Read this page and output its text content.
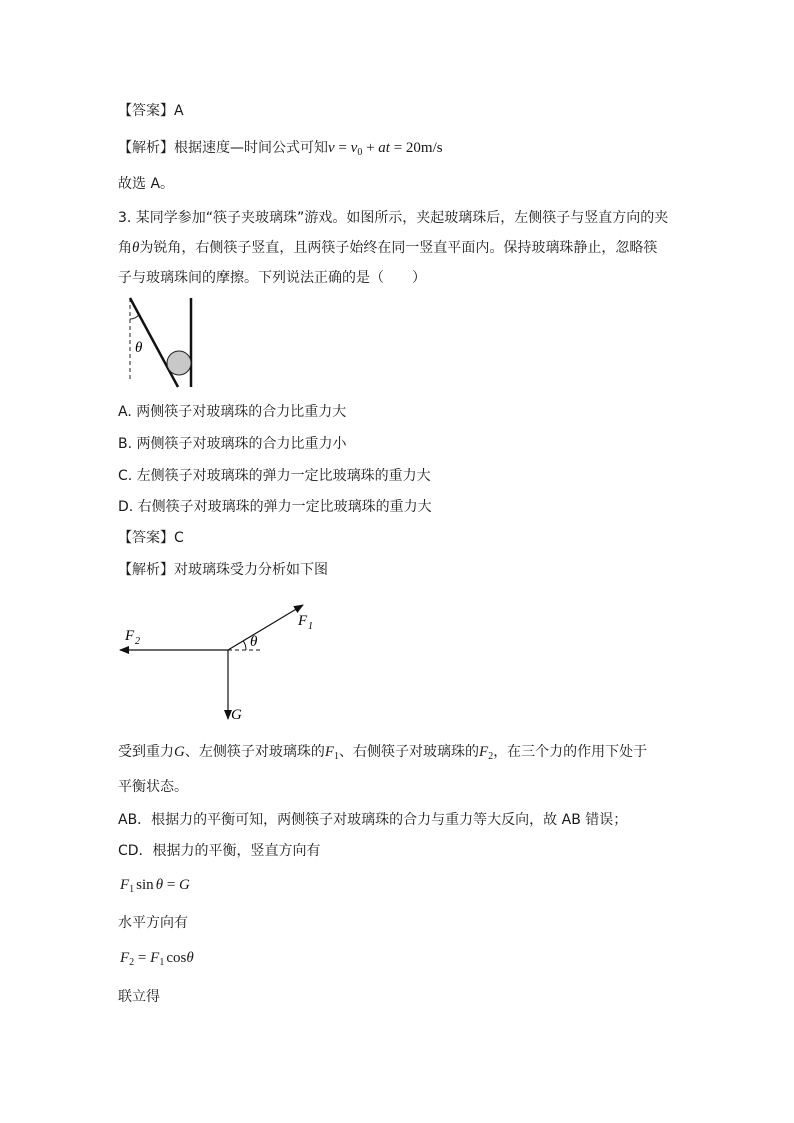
【答案】A
【解析】根据速度—时间公式可知$v = v_0$ + at = 20m/s
故选 A。
3. 某同学参加“筷子夹玻璃珠”游戏。如图所示，夹起玻璃珠后，左侧筷子与竖直方向的夹
角θ为锐角，右侧筷子竖直，且两筷子始终在同一竖直平面内。保持玻璃珠静止，忽略筷
子与玻璃珠间的摩擦。下列说法正确的是（　　）
θ
A. 两侧筷子对玻璃珠的合力比重力大
B. 两侧筷子对玻璃珠的合力比重力小
C. 左侧筷子对玻璃珠的弹力一定比玻璃珠的重力大
D. 右侧筷子对玻璃珠的弹力一定比玻璃珠的重力大
【答案】C
【解析】对玻璃珠受力分析如下图
θ
F 1
F 2
G
受到重力G、左侧筷子对玻璃珠的$F_1$、右侧筷子对玻璃珠的$F_2$，在三个力的作用下处于
平衡状态。
AB．根据力的平衡可知，两侧筷子对玻璃珠的合力与重力等大反向，故 AB 错误；
CD．根据力的平衡，竖直方向有
$F_1$ sin θ = G
水平方向有
$F_2 = F_1$ cosθ
联立得
